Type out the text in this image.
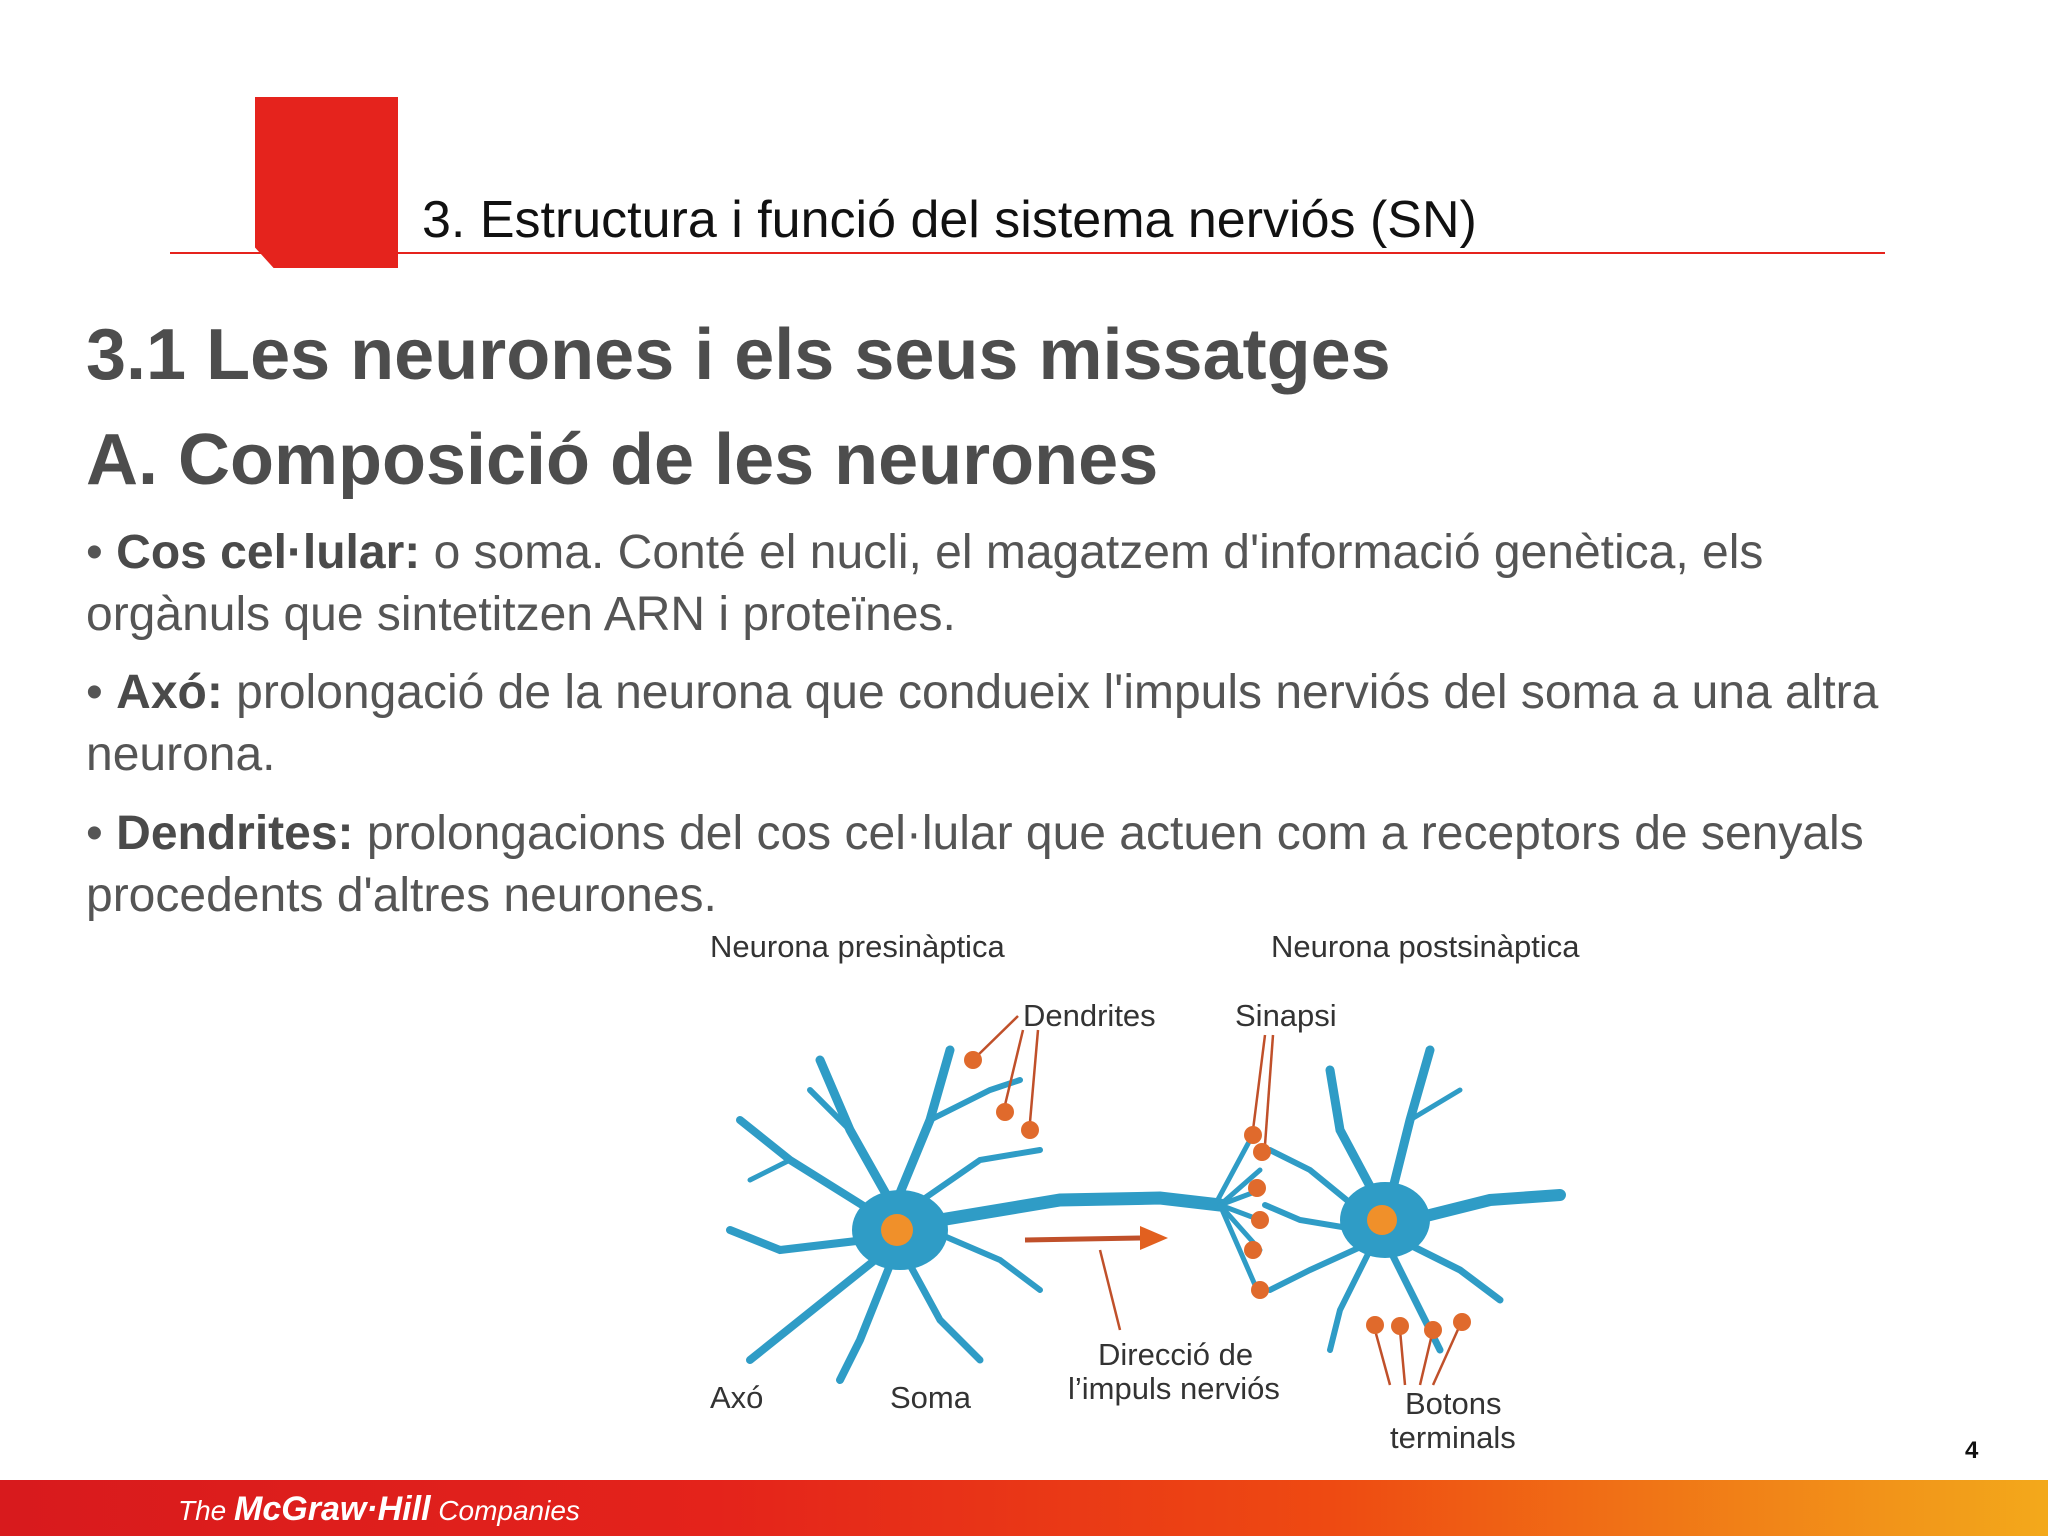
3. Estructura i funció del sistema nerviós (SN)
3.1 Les neurones i els seus missatges
A. Composició de les neurones
• Cos cel·lular: o soma. Conté el nucli, el magatzem d'informació genètica, els orgànuls que sintetitzen ARN i proteïnes.
• Axó: prolongació de la neurona que condueix l'impuls nerviós del soma a una altra neurona.
• Dendrites: prolongacions del cos cel·lular que actuen com a receptors de senyals procedents d'altres neurones.
Neurona presinàptica	Neurona postsinàptica
Dendrites	Sinapsi
Axó	Soma
Direcció de
l’impuls nerviós	Botons
terminals	4
The McGraw·Hill Companies
